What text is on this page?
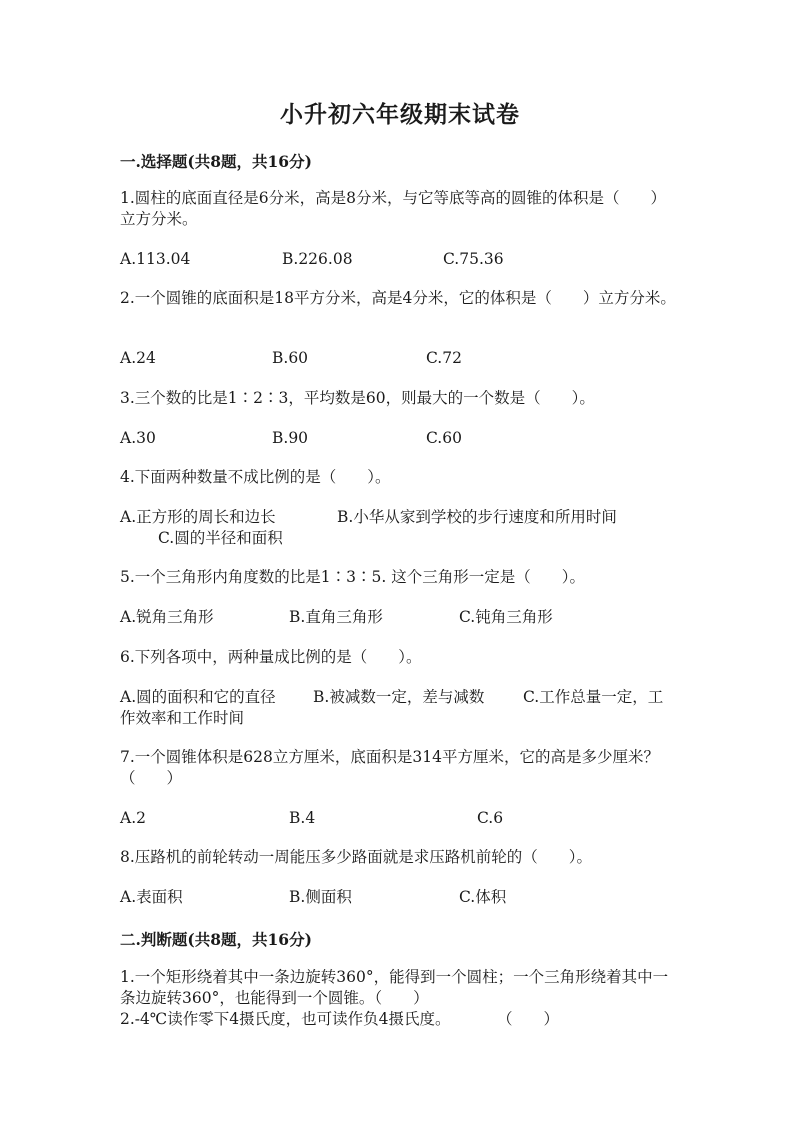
小升初六年级期末试卷
一.选择题(共8题，共16分)
1.圆柱的底面直径是6分米，高是8分米，与它等底等高的圆锥的体积是（　　）立方分米。
A.113.04	B.226.08	C.75.36
2.一个圆锥的底面积是18平方分米，高是4分米，它的体积是（　　）立方分米。
A.24	B.60	C.72
3.三个数的比是1∶2∶3，平均数是60，则最大的一个数是（　　）。
A.30	B.90	C.60
4.下面两种数量不成比例的是（　　）。
A.正方形的周长和边长	B.小华从家到学校的步行速度和所用时间
C.圆的半径和面积
5.一个三角形内角度数的比是1∶3∶5. 这个三角形一定是（　　）。
A.锐角三角形	B.直角三角形	C.钝角三角形
6.下列各项中，两种量成比例的是（　　）。
A.圆的面积和它的直径 B.被减数一定，差与减数 C.工作总量一定，工
作效率和工作时间
7.一个圆锥体积是628立方厘米，底面积是314平方厘米，它的高是多少厘米？（　　）
A.2	B.4	C.6
8.压路机的前轮转动一周能压多少路面就是求压路机前轮的（　　）。
A.表面积	B.侧面积	C.体积
二.判断题(共8题，共16分)
1.一个矩形绕着其中一条边旋转360°，能得到一个圆柱；一个三角形绕着其中一条边旋转360°，也能得到一个圆锥。（　　）
2.-4℃读作零下4摄氏度，也可读作负4摄氏度。　　　　（　　）
